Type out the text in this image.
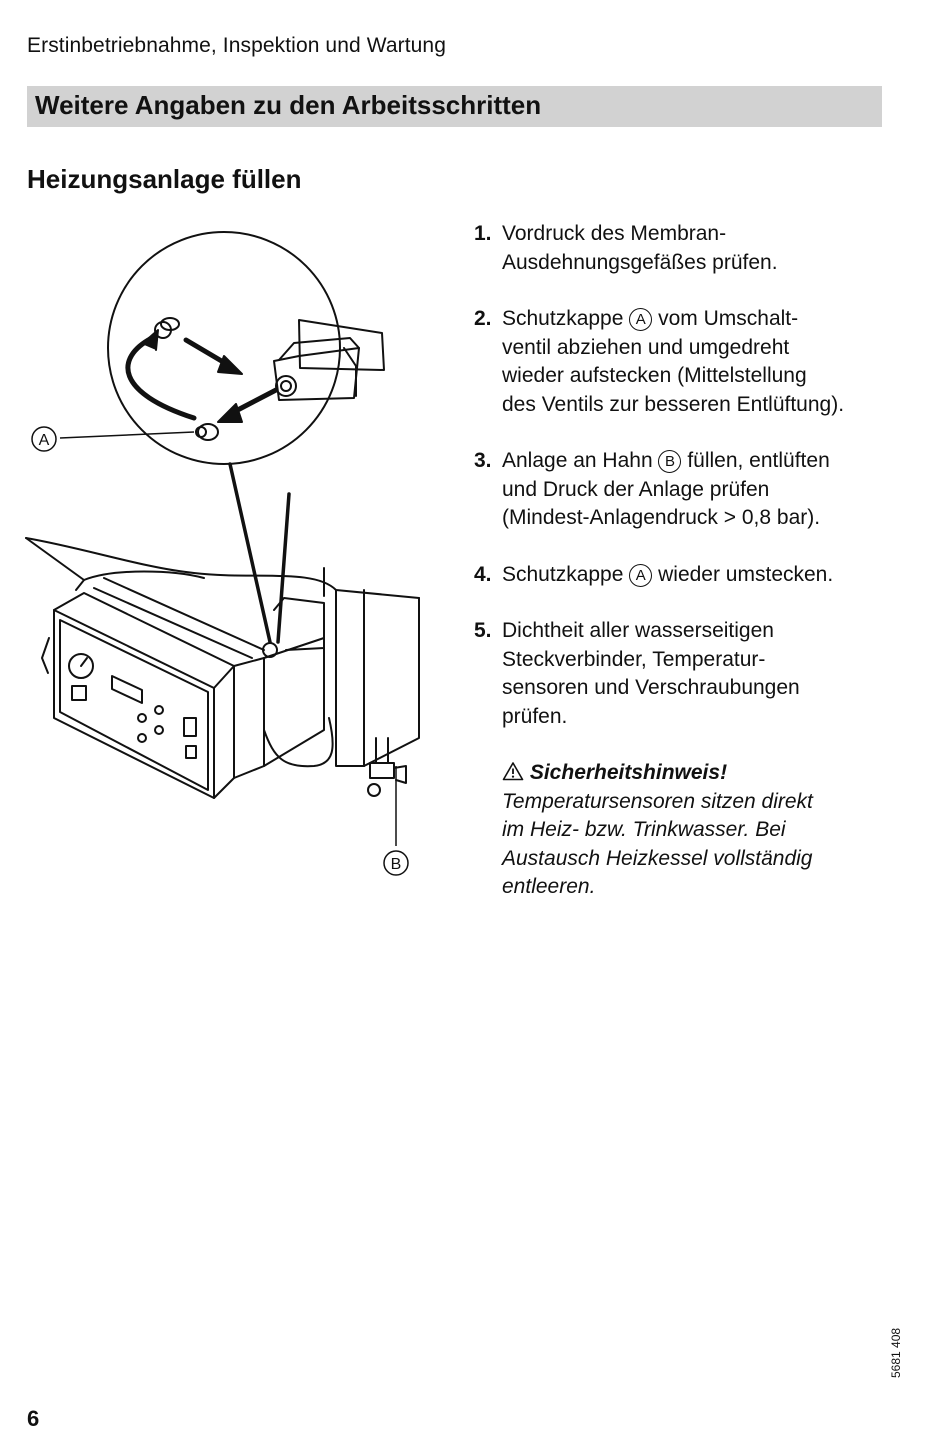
Erstinbetriebnahme, Inspektion und Wartung
Weitere Angaben zu den Arbeitsschritten
Heizungsanlage füllen
A
B
1. Vordruck des Membran-
Ausdehnungsgefäßes prüfen.
2. Schutzkappe A vom Umschalt-
ventil abziehen und umgedreht
wieder aufstecken (Mittelstellung
des Ventils zur besseren Entlüftung).
3. Anlage an Hahn B füllen, entlüften
und Druck der Anlage prüfen
(Mindest-Anlagendruck > 0,8 bar).
4. Schutzkappe A wieder umstecken.
5. Dichtheit aller wasserseitigen
Steckverbinder, Temperatur-
sensoren und Verschraubungen
prüfen.
Sicherheitshinweis!
Temperatursensoren sitzen direkt
im Heiz- bzw. Trinkwasser. Bei
Austausch Heizkessel vollständig
entleeren.
5681 408
6
